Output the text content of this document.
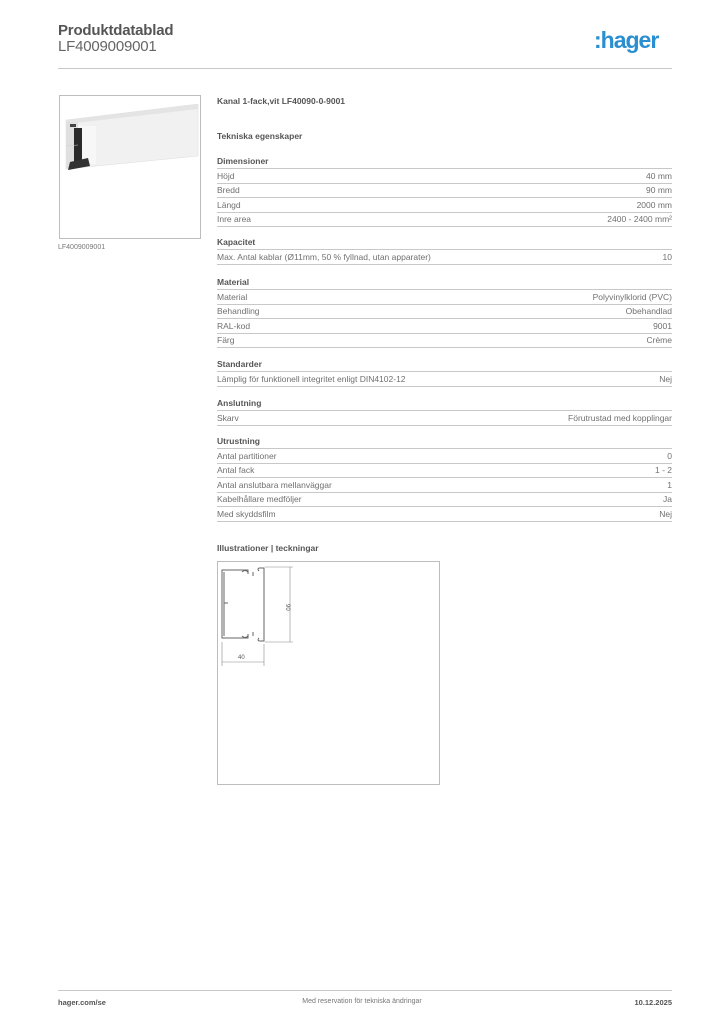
Produktdatablad
LF4009009001	:hager
LF4009009001
Kanal 1-fack,vit LF40090-0-9001
Tekniska egenskaper
Dimensioner
Höjd	40 mm
Bredd	90 mm
Längd	2000 mm
Inre area	2400 - 2400 mm²
Kapacitet
Max. Antal kablar (Ø11mm, 50 % fyllnad, utan apparater)	10
Material
Material	Polyvinylklorid (PVC)
Behandling	Obehandlad
RAL-kod	9001
Färg	Crème
Standarder
Lämplig för funktionell integritet enligt DIN4102-12	Nej
Anslutning
Skarv	Förutrustad med kopplingar
Utrustning
Antal partitioner	0
Antal fack	1 - 2
Antal anslutbara mellanväggar	1
Kabelhållare medföljer	Ja
Med skyddsfilm	Nej
Illustrationer | teckningar
90
40
hager.com/se	Med reservation för tekniska ändringar	10.12.2025
